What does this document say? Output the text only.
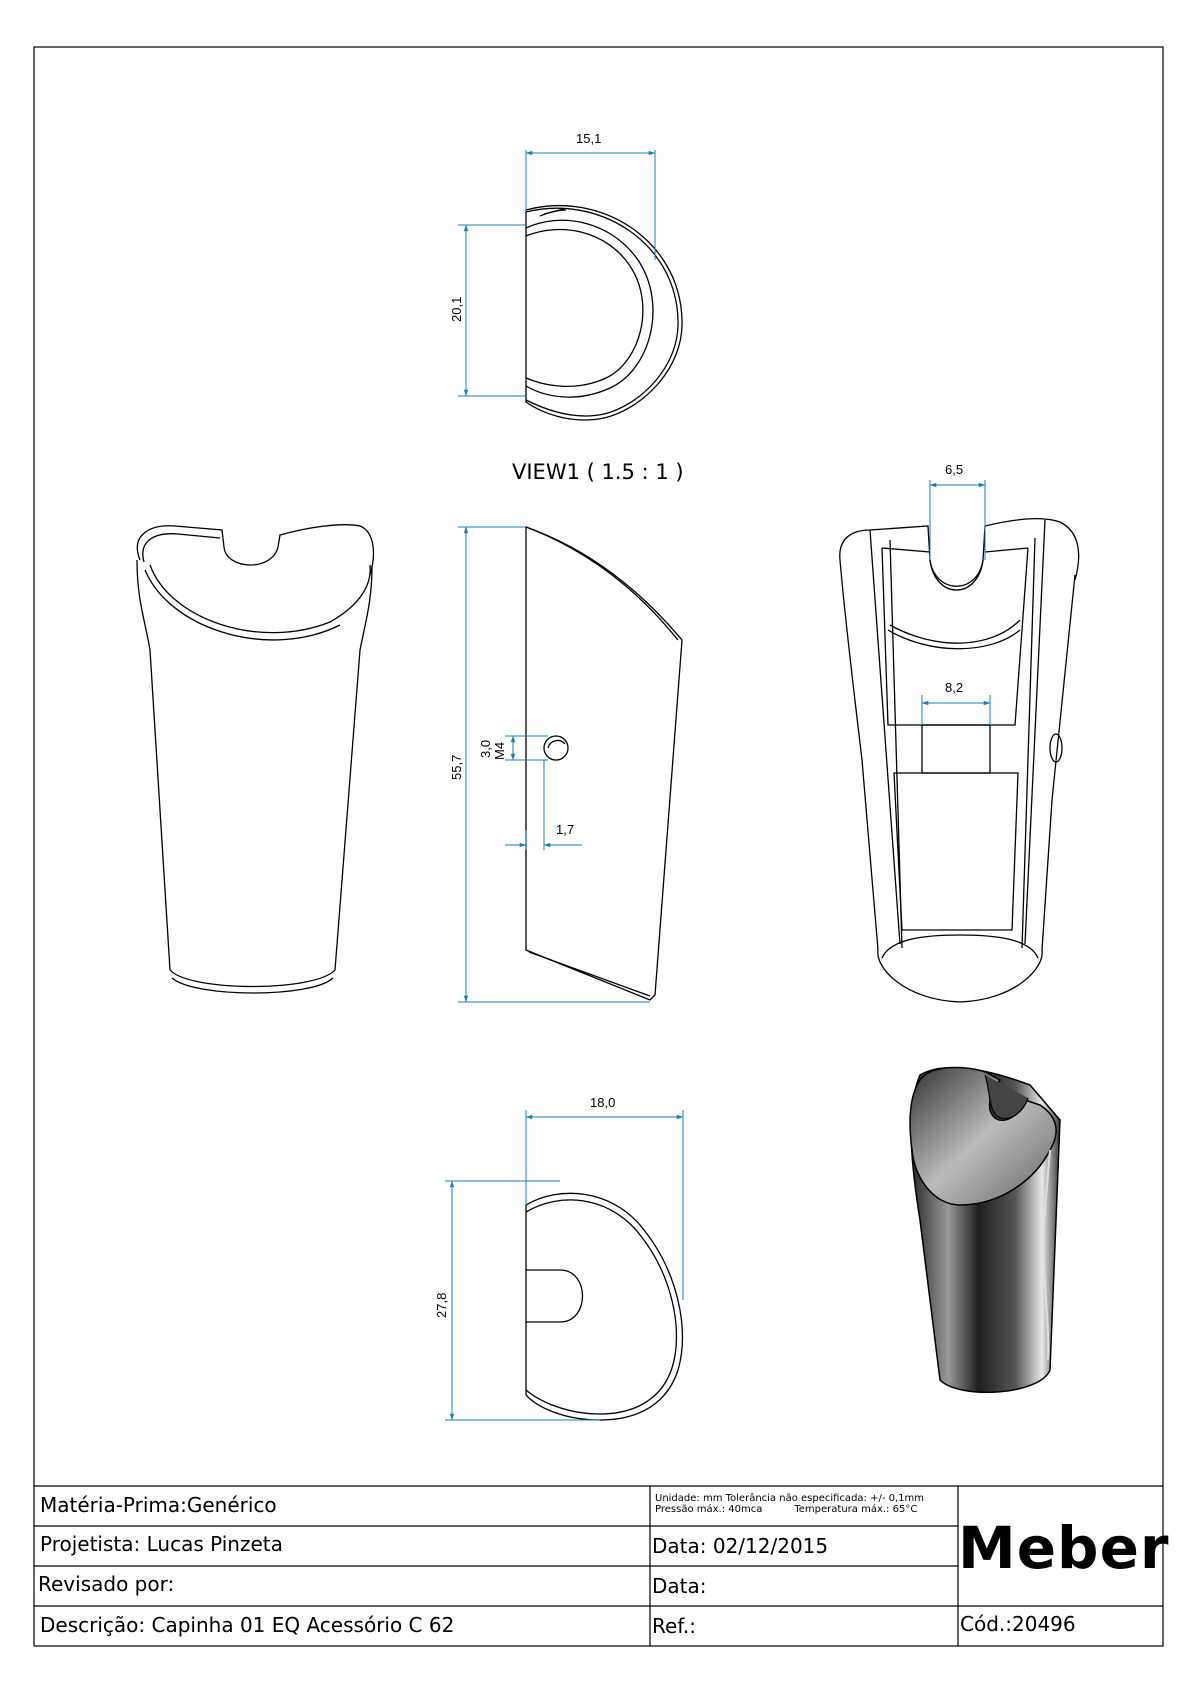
15,1
20,1
55,7
3,0 M4
1,7
6,5
8,2
18,0
27,8
VIEW1 ( 1.5 : 1 )
Matéria-Prima:Genérico
Projetista: Lucas Pinzeta
Revisado por:
Descrição: Capinha 01 EQ Acessório C 62
Unidade: mm Tolerância não especificada: +/- 0,1mm
Pressão máx.: 40mca	Temperatura máx.: 65°C
Data: 02/12/2015
Data:
Ref.:	Cód.:20496
Meber
